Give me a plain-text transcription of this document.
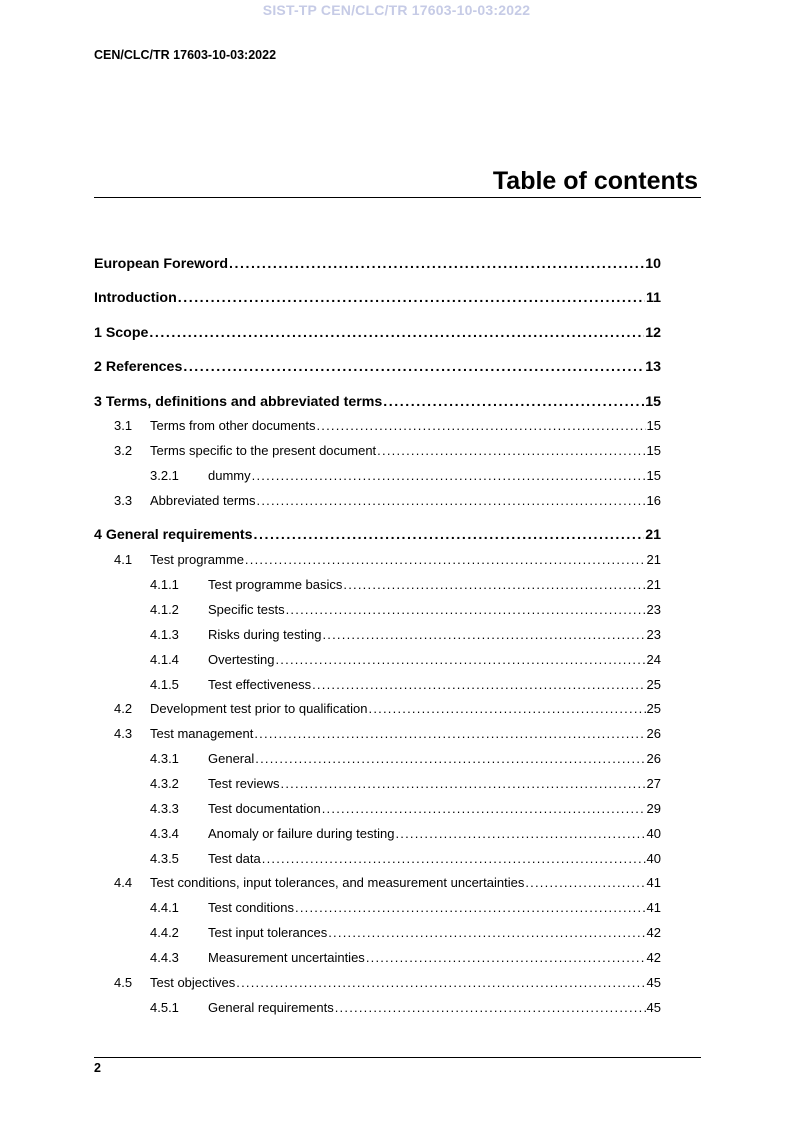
SIST-TP CEN/CLC/TR 17603-10-03:2022
CEN/CLC/TR 17603-10-03:2022
Table of contents
European Foreword . . .	10
Introduction . . .	11
1 Scope . . .	12
2 References . . .	13
3 Terms, definitions and abbreviated terms . . .	15
3.1	Terms from other documents . . .	15
3.2	Terms specific to the present document . . .	15
3.2.1	dummy . . .	15
3.3	Abbreviated terms . . .	16
4 General requirements . . .	21
4.1	Test programme . . .	21
4.1.1	Test programme basics . . .	21
4.1.2	Specific tests . . .	23
4.1.3	Risks during testing . . .	23
4.1.4	Overtesting . . .	24
4.1.5	Test effectiveness . . .	25
4.2	Development test prior to qualification . . .	25
4.3	Test management . . .	26
4.3.1	General . . .	26
4.3.2	Test reviews . . .	27
4.3.3	Test documentation . . .	29
4.3.4	Anomaly or failure during testing . . .	40
4.3.5	Test data . . .	40
4.4	Test conditions, input tolerances, and measurement uncertainties . . .	41
4.4.1	Test conditions . . .	41
4.4.2	Test input tolerances . . .	42
4.4.3	Measurement uncertainties . . .	42
4.5	Test objectives . . .	45
4.5.1	General requirements . . .	45
2
